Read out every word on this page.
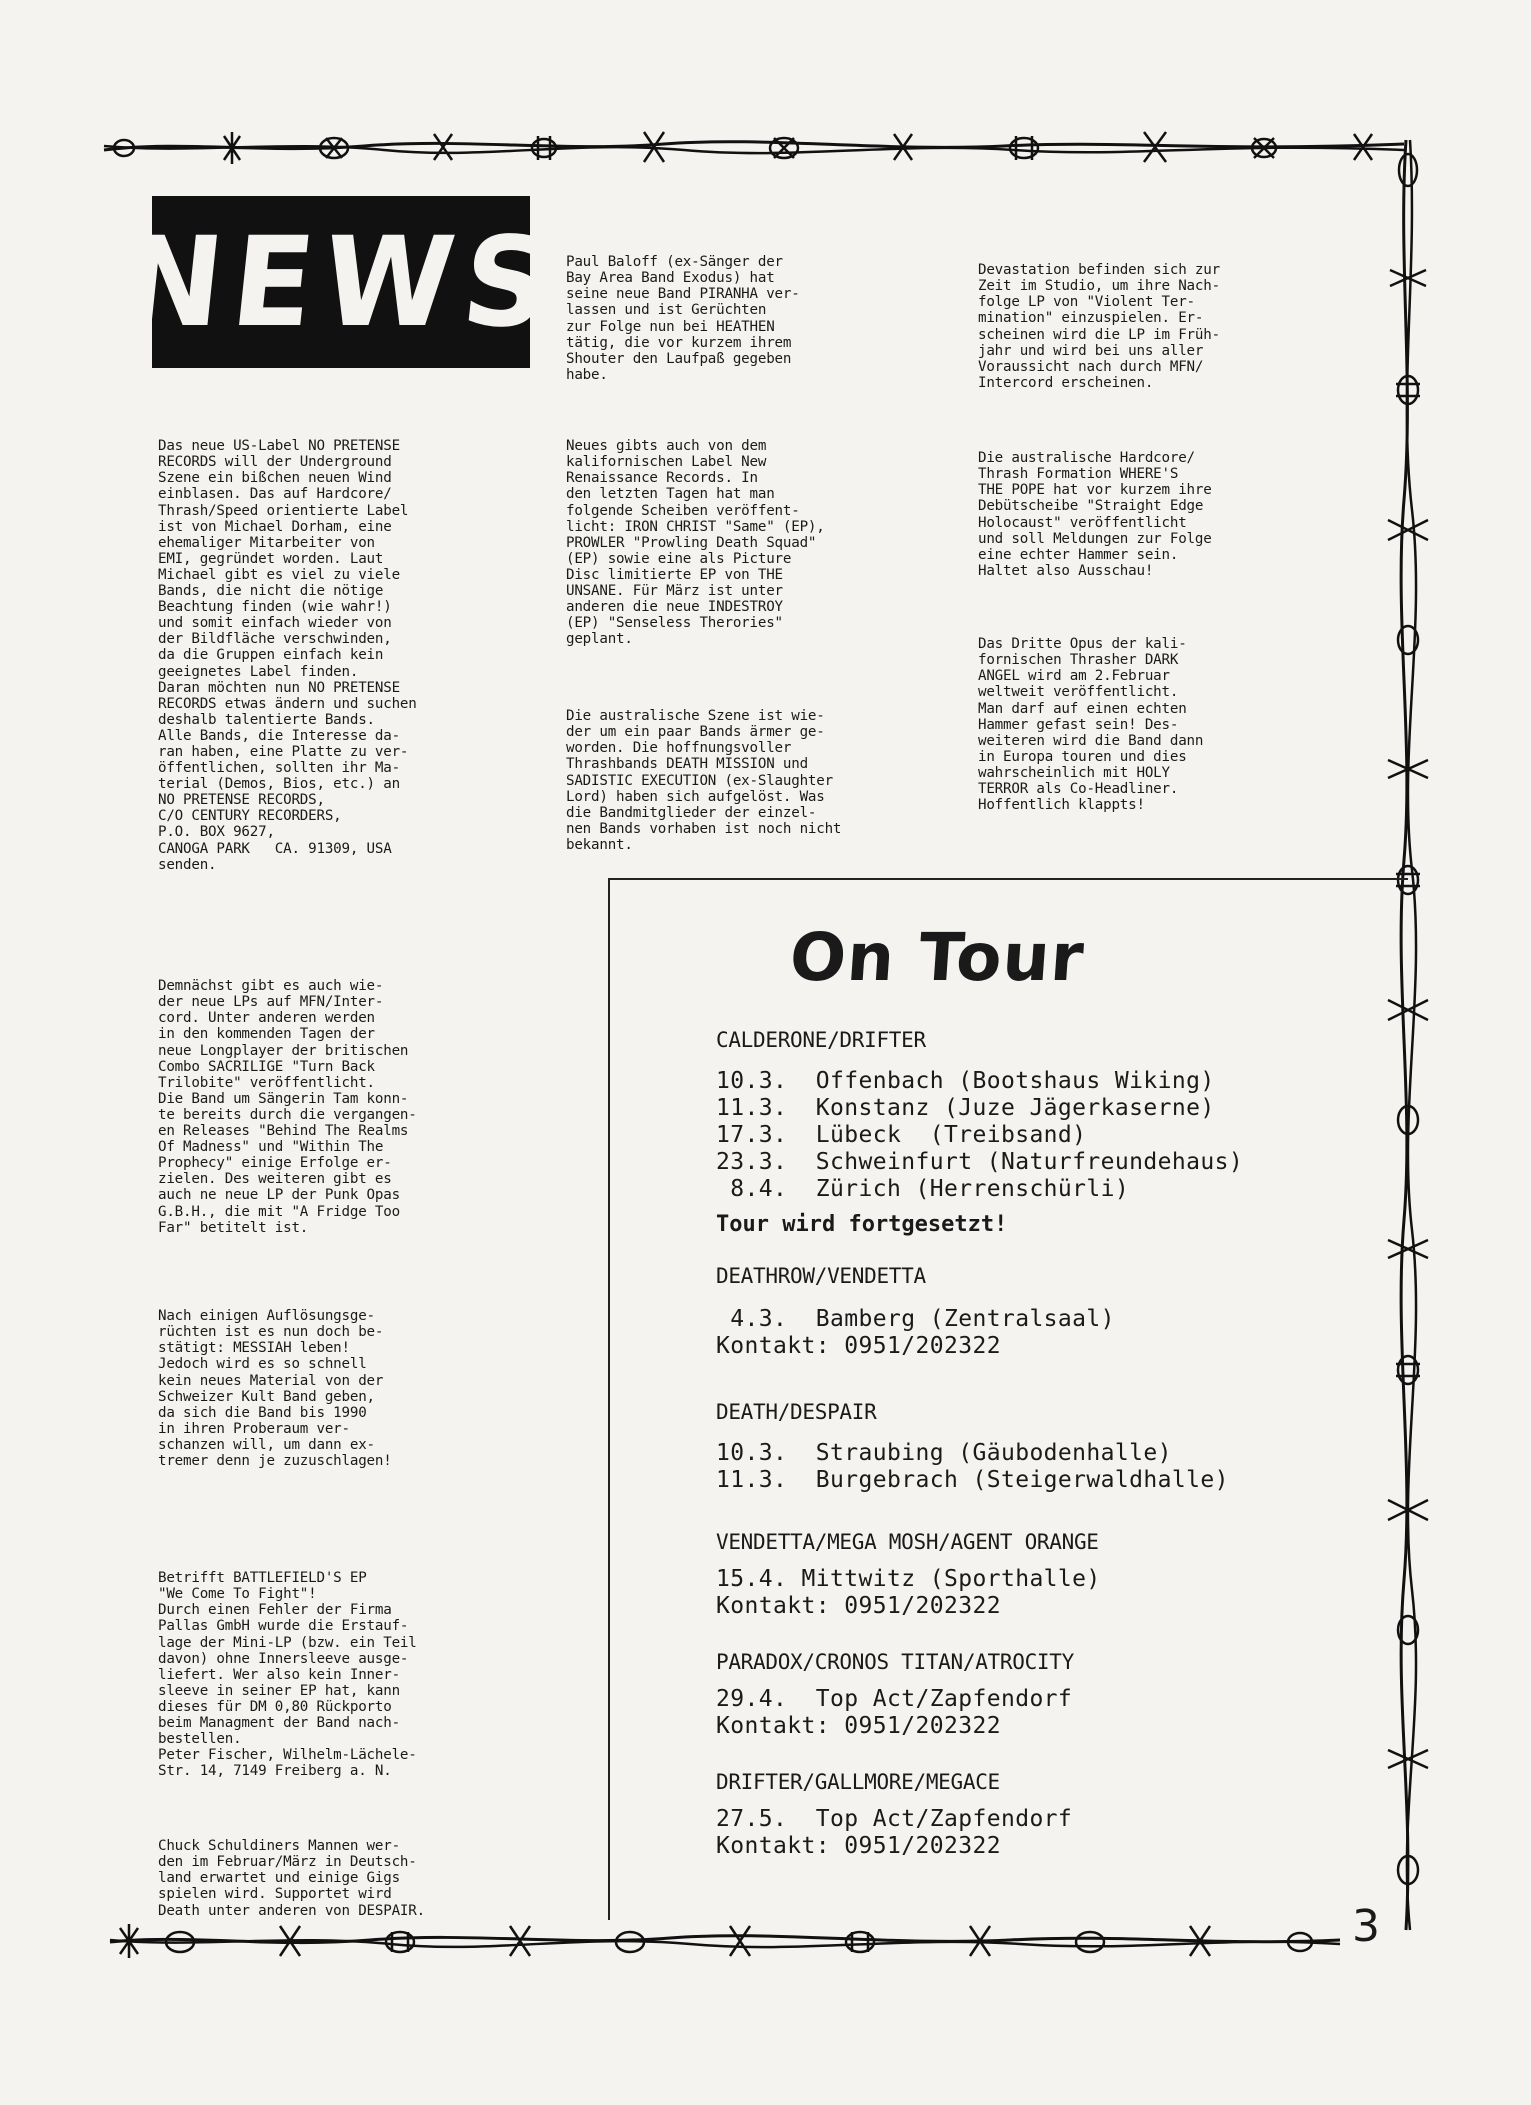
NEWS

Das neue US-Label NO PRETENSE
RECORDS will der Underground
Szene ein bißchen neuen Wind
einblasen. Das auf Hardcore/
Thrash/Speed orientierte Label
ist von Michael Dorham, eine
ehemaliger Mitarbeiter von
EMI, gegründet worden. Laut
Michael gibt es viel zu viele
Bands, die nicht die nötige
Beachtung finden (wie wahr!)
und somit einfach wieder von
der Bildfläche verschwinden,
da die Gruppen einfach kein
geeignetes Label finden.
Daran möchten nun NO PRETENSE
RECORDS etwas ändern und suchen
deshalb talentierte Bands.
Alle Bands, die Interesse da-
ran haben, eine Platte zu ver-
öffentlichen, sollten ihr Ma-
terial (Demos, Bios, etc.) an
NO PRETENSE RECORDS,
C/O CENTURY RECORDERS,
P.O. BOX 9627,
CANOGA PARK   CA. 91309, USA
senden.

Demnächst gibt es auch wie-
der neue LPs auf MFN/Inter-
cord. Unter anderen werden
in den kommenden Tagen der
neue Longplayer der britischen
Combo SACRILIGE "Turn Back
Trilobite" veröffentlicht.
Die Band um Sängerin Tam konn-
te bereits durch die vergangen-
en Releases "Behind The Realms
Of Madness" und "Within The
Prophecy" einige Erfolge er-
zielen. Des weiteren gibt es
auch ne neue LP der Punk Opas
G.B.H., die mit "A Fridge Too
Far" betitelt ist.

Nach einigen Auflösungsge-
rüchten ist es nun doch be-
stätigt: MESSIAH leben!
Jedoch wird es so schnell
kein neues Material von der
Schweizer Kult Band geben,
da sich die Band bis 1990
in ihren Proberaum ver-
schanzen will, um dann ex-
tremer denn je zuzuschlagen!

Betrifft BATTLEFIELD'S EP
"We Come To Fight"!
Durch einen Fehler der Firma
Pallas GmbH wurde die Erstauf-
lage der Mini-LP (bzw. ein Teil
davon) ohne Innersleeve ausge-
liefert. Wer also kein Inner-
sleeve in seiner EP hat, kann
dieses für DM 0,80 Rückporto
beim Managment der Band nach-
bestellen.
Peter Fischer, Wilhelm-Lächele-
Str. 14, 7149 Freiberg a. N.

Chuck Schuldiners Mannen wer-
den im Februar/März in Deutsch-
land erwartet und einige Gigs
spielen wird. Supportet wird
Death unter anderen von DESPAIR.

Paul Baloff (ex-Sänger der
Bay Area Band Exodus) hat
seine neue Band PIRANHA ver-
lassen und ist Gerüchten
zur Folge nun bei HEATHEN
tätig, die vor kurzem ihrem
Shouter den Laufpaß gegeben
habe.

Neues gibts auch von dem
kalifornischen Label New
Renaissance Records. In
den letzten Tagen hat man
folgende Scheiben veröffent-
licht: IRON CHRIST "Same" (EP),
PROWLER "Prowling Death Squad"
(EP) sowie eine als Picture
Disc limitierte EP von THE
UNSANE. Für März ist unter
anderen die neue INDESTROY
(EP) "Senseless Therories"
geplant.

Die australische Szene ist wie-
der um ein paar Bands ärmer ge-
worden. Die hoffnungsvoller
Thrashbands DEATH MISSION und
SADISTIC EXECUTION (ex-Slaughter
Lord) haben sich aufgelöst. Was
die Bandmitglieder der einzel-
nen Bands vorhaben ist noch nicht
bekannt.

Devastation befinden sich zur
Zeit im Studio, um ihre Nach-
folge LP von "Violent Ter-
mination" einzuspielen. Er-
scheinen wird die LP im Früh-
jahr und wird bei uns aller
Voraussicht nach durch MFN/
Intercord erscheinen.

Die australische Hardcore/
Thrash Formation WHERE'S
THE POPE hat vor kurzem ihre
Debütscheibe "Straight Edge
Holocaust" veröffentlicht
und soll Meldungen zur Folge
eine echter Hammer sein.
Haltet also Ausschau!

Das Dritte Opus der kali-
fornischen Thrasher DARK
ANGEL wird am 2.Februar
weltweit veröffentlicht.
Man darf auf einen echten
Hammer gefast sein! Des-
weiteren wird die Band dann
in Europa touren und dies
wahrscheinlich mit HOLY
TERROR als Co-Headliner.
Hoffentlich klappts!

On Tour
CALDERONE/DRIFTER
10.3.  Offenbach (Bootshaus Wiking)
11.3.  Konstanz (Juze Jägerkaserne)
17.3.  Lübeck  (Treibsand)
23.3.  Schweinfurt (Naturfreundehaus)
8.4.  Zürich (Herrenschürli)
Tour wird fortgesetzt!
DEATHROW/VENDETTA
4.3.  Bamberg (Zentralsaal)
Kontakt: 0951/202322
DEATH/DESPAIR
10.3.  Straubing (Gäubodenhalle)
11.3.  Burgebrach (Steigerwaldhalle)
VENDETTA/MEGA MOSH/AGENT ORANGE
15.4. Mittwitz (Sporthalle)
Kontakt: 0951/202322
PARADOX/CRONOS TITAN/ATROCITY
29.4.  Top Act/Zapfendorf
Kontakt: 0951/202322
DRIFTER/GALLMORE/MEGACE
27.5.  Top Act/Zapfendorf
Kontakt: 0951/202322
3
